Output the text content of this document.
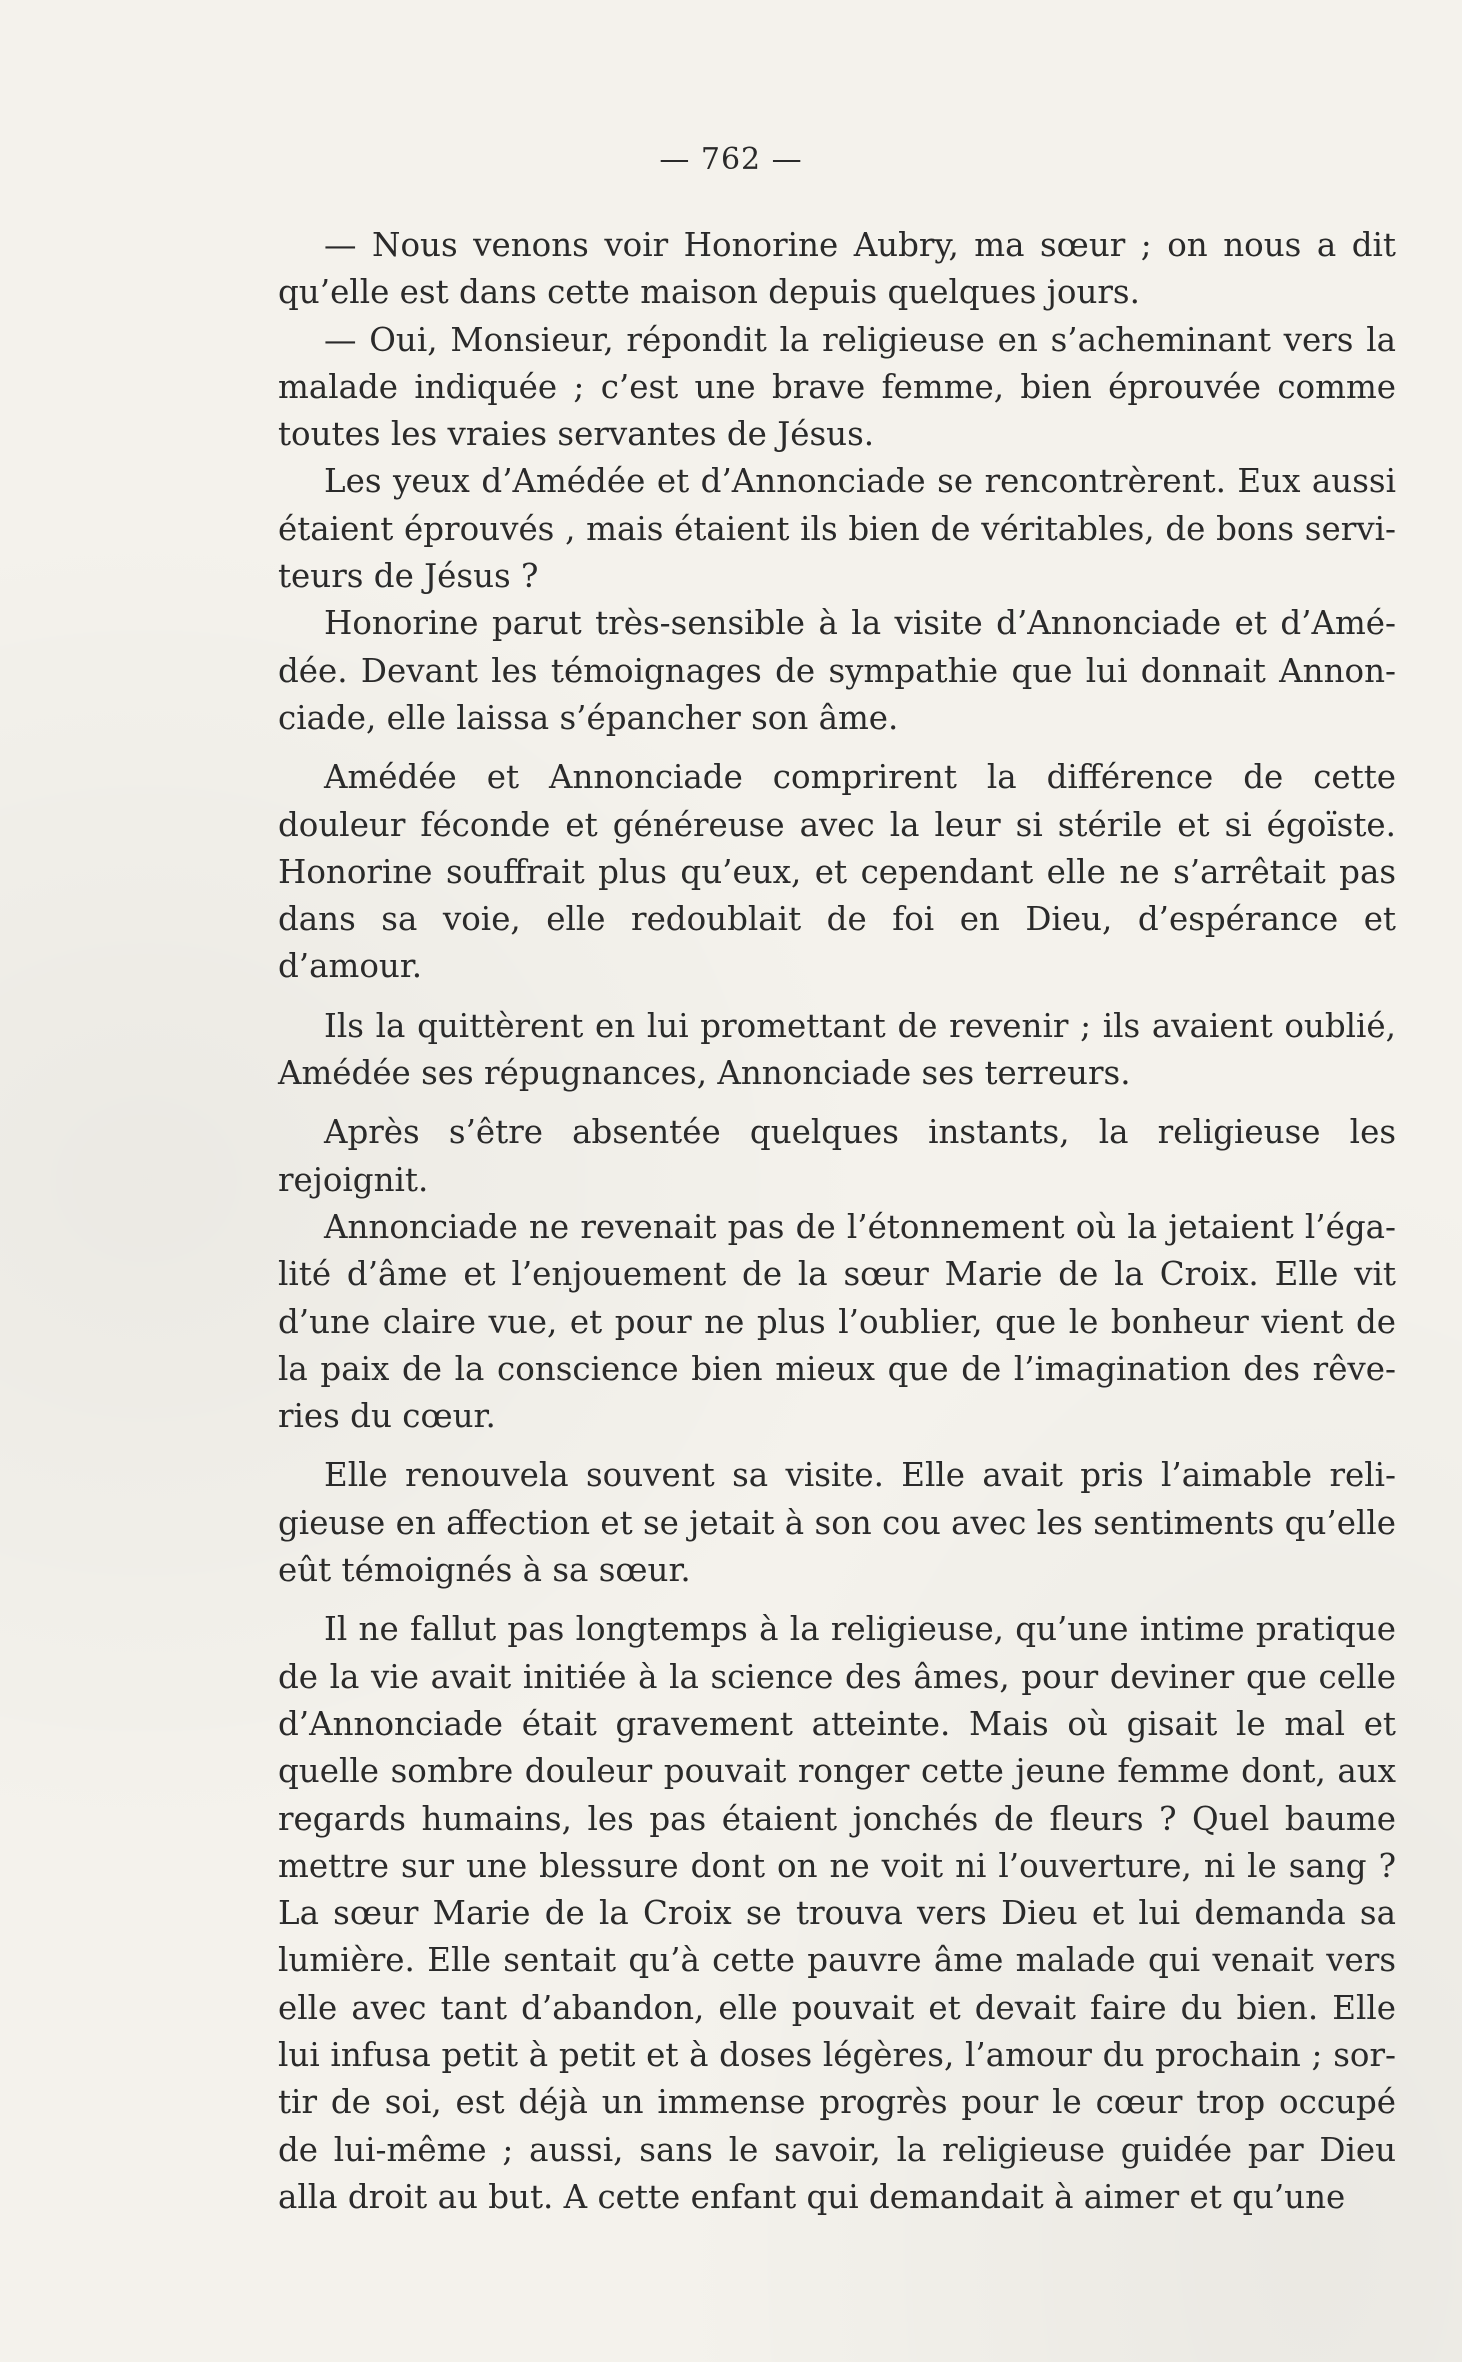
— 762 —

— Nous venons voir Honorine Aubry, ma sœur ; on nous a dit qu’elle est dans cette maison depuis quelques jours.

— Oui, Monsieur, répondit la religieuse en s’acheminant vers la malade indiquée ; c’est une brave femme, bien éprouvée comme toutes les vraies servantes de Jésus.

Les yeux d’Amédée et d’Annonciade se rencontrèrent. Eux aussi étaient éprouvés , mais étaient ils bien de véritables, de bons serviteurs de Jésus ?

Honorine parut très-sensible à la visite d’Annonciade et d’Amédée. Devant les témoignages de sympathie que lui donnait Annonciade, elle laissa s’épancher son âme.

Amédée et Annonciade comprirent la différence de cette douleur féconde et généreuse avec la leur si stérile et si égoïste. Honorine souffrait plus qu’eux, et cependant elle ne s’arrêtait pas dans sa voie, elle redoublait de foi en Dieu, d’espérance et d’amour.

Ils la quittèrent en lui promettant de revenir ; ils avaient oublié, Amédée ses répugnances, Annonciade ses terreurs.

Après s’être absentée quelques instants, la religieuse les rejoignit.

Annonciade ne revenait pas de l’étonnement où la jetaient l’égalité d’âme et l’enjouement de la sœur Marie de la Croix. Elle vit d’une claire vue, et pour ne plus l’oublier, que le bonheur vient de la paix de la conscience bien mieux que de l’imagination des rêveries du cœur.

Elle renouvela souvent sa visite. Elle avait pris l’aimable religieuse en affection et se jetait à son cou avec les sentiments qu’elle eût témoignés à sa sœur.

Il ne fallut pas longtemps à la religieuse, qu’une intime pratique de la vie avait initiée à la science des âmes, pour deviner que celle d’Annonciade était gravement atteinte. Mais où gisait le mal et quelle sombre douleur pouvait ronger cette jeune femme dont, aux regards humains, les pas étaient jonchés de fleurs ? Quel baume mettre sur une blessure dont on ne voit ni l’ouverture, ni le sang ? La sœur Marie de la Croix se trouva vers Dieu et lui demanda sa lumière. Elle sentait qu’à cette pauvre âme malade qui venait vers elle avec tant d’abandon, elle pouvait et devait faire du bien. Elle lui infusa petit à petit et à doses légères, l’amour du prochain ; sortir de soi, est déjà un immense progrès pour le cœur trop occupé de lui-même ; aussi, sans le savoir, la religieuse guidée par Dieu alla droit au but. A cette enfant qui demandait à aimer et qu’une
